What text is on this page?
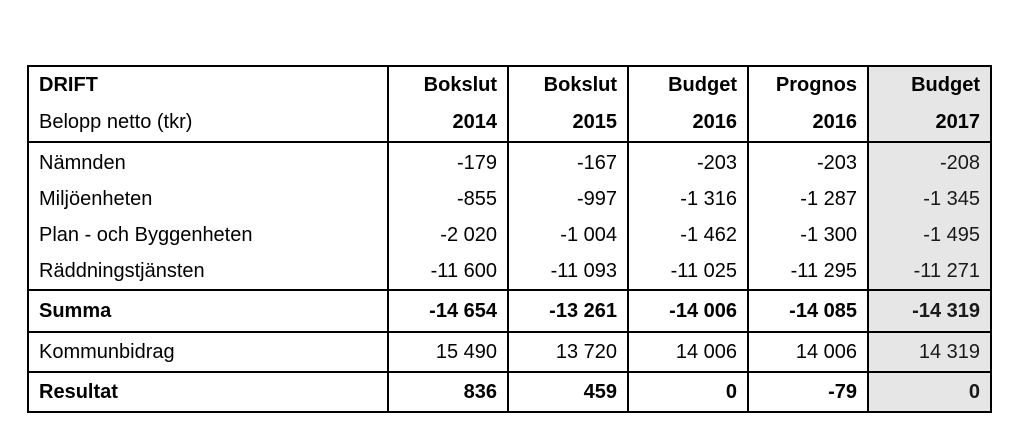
DRIFT	Bokslut	Bokslut	Budget	Prognos	Budget
Belopp netto (tkr)	2014	2015	2016	2016	2017
Nämnden	-179	-167	-203	-203	-208
Miljöenheten	-855	-997	-1 316	-1 287	-1 345
Plan - och Byggenheten	-2 020	-1 004	-1 462	-1 300	-1 495
Räddningstjänsten	-11 600	-11 093	-11 025	-11 295	-11 271
Summa	-14 654	-13 261	-14 006	-14 085	-14 319
Kommunbidrag	15 490	13 720	14 006	14 006	14 319
Resultat	836	459	0	-79	0
